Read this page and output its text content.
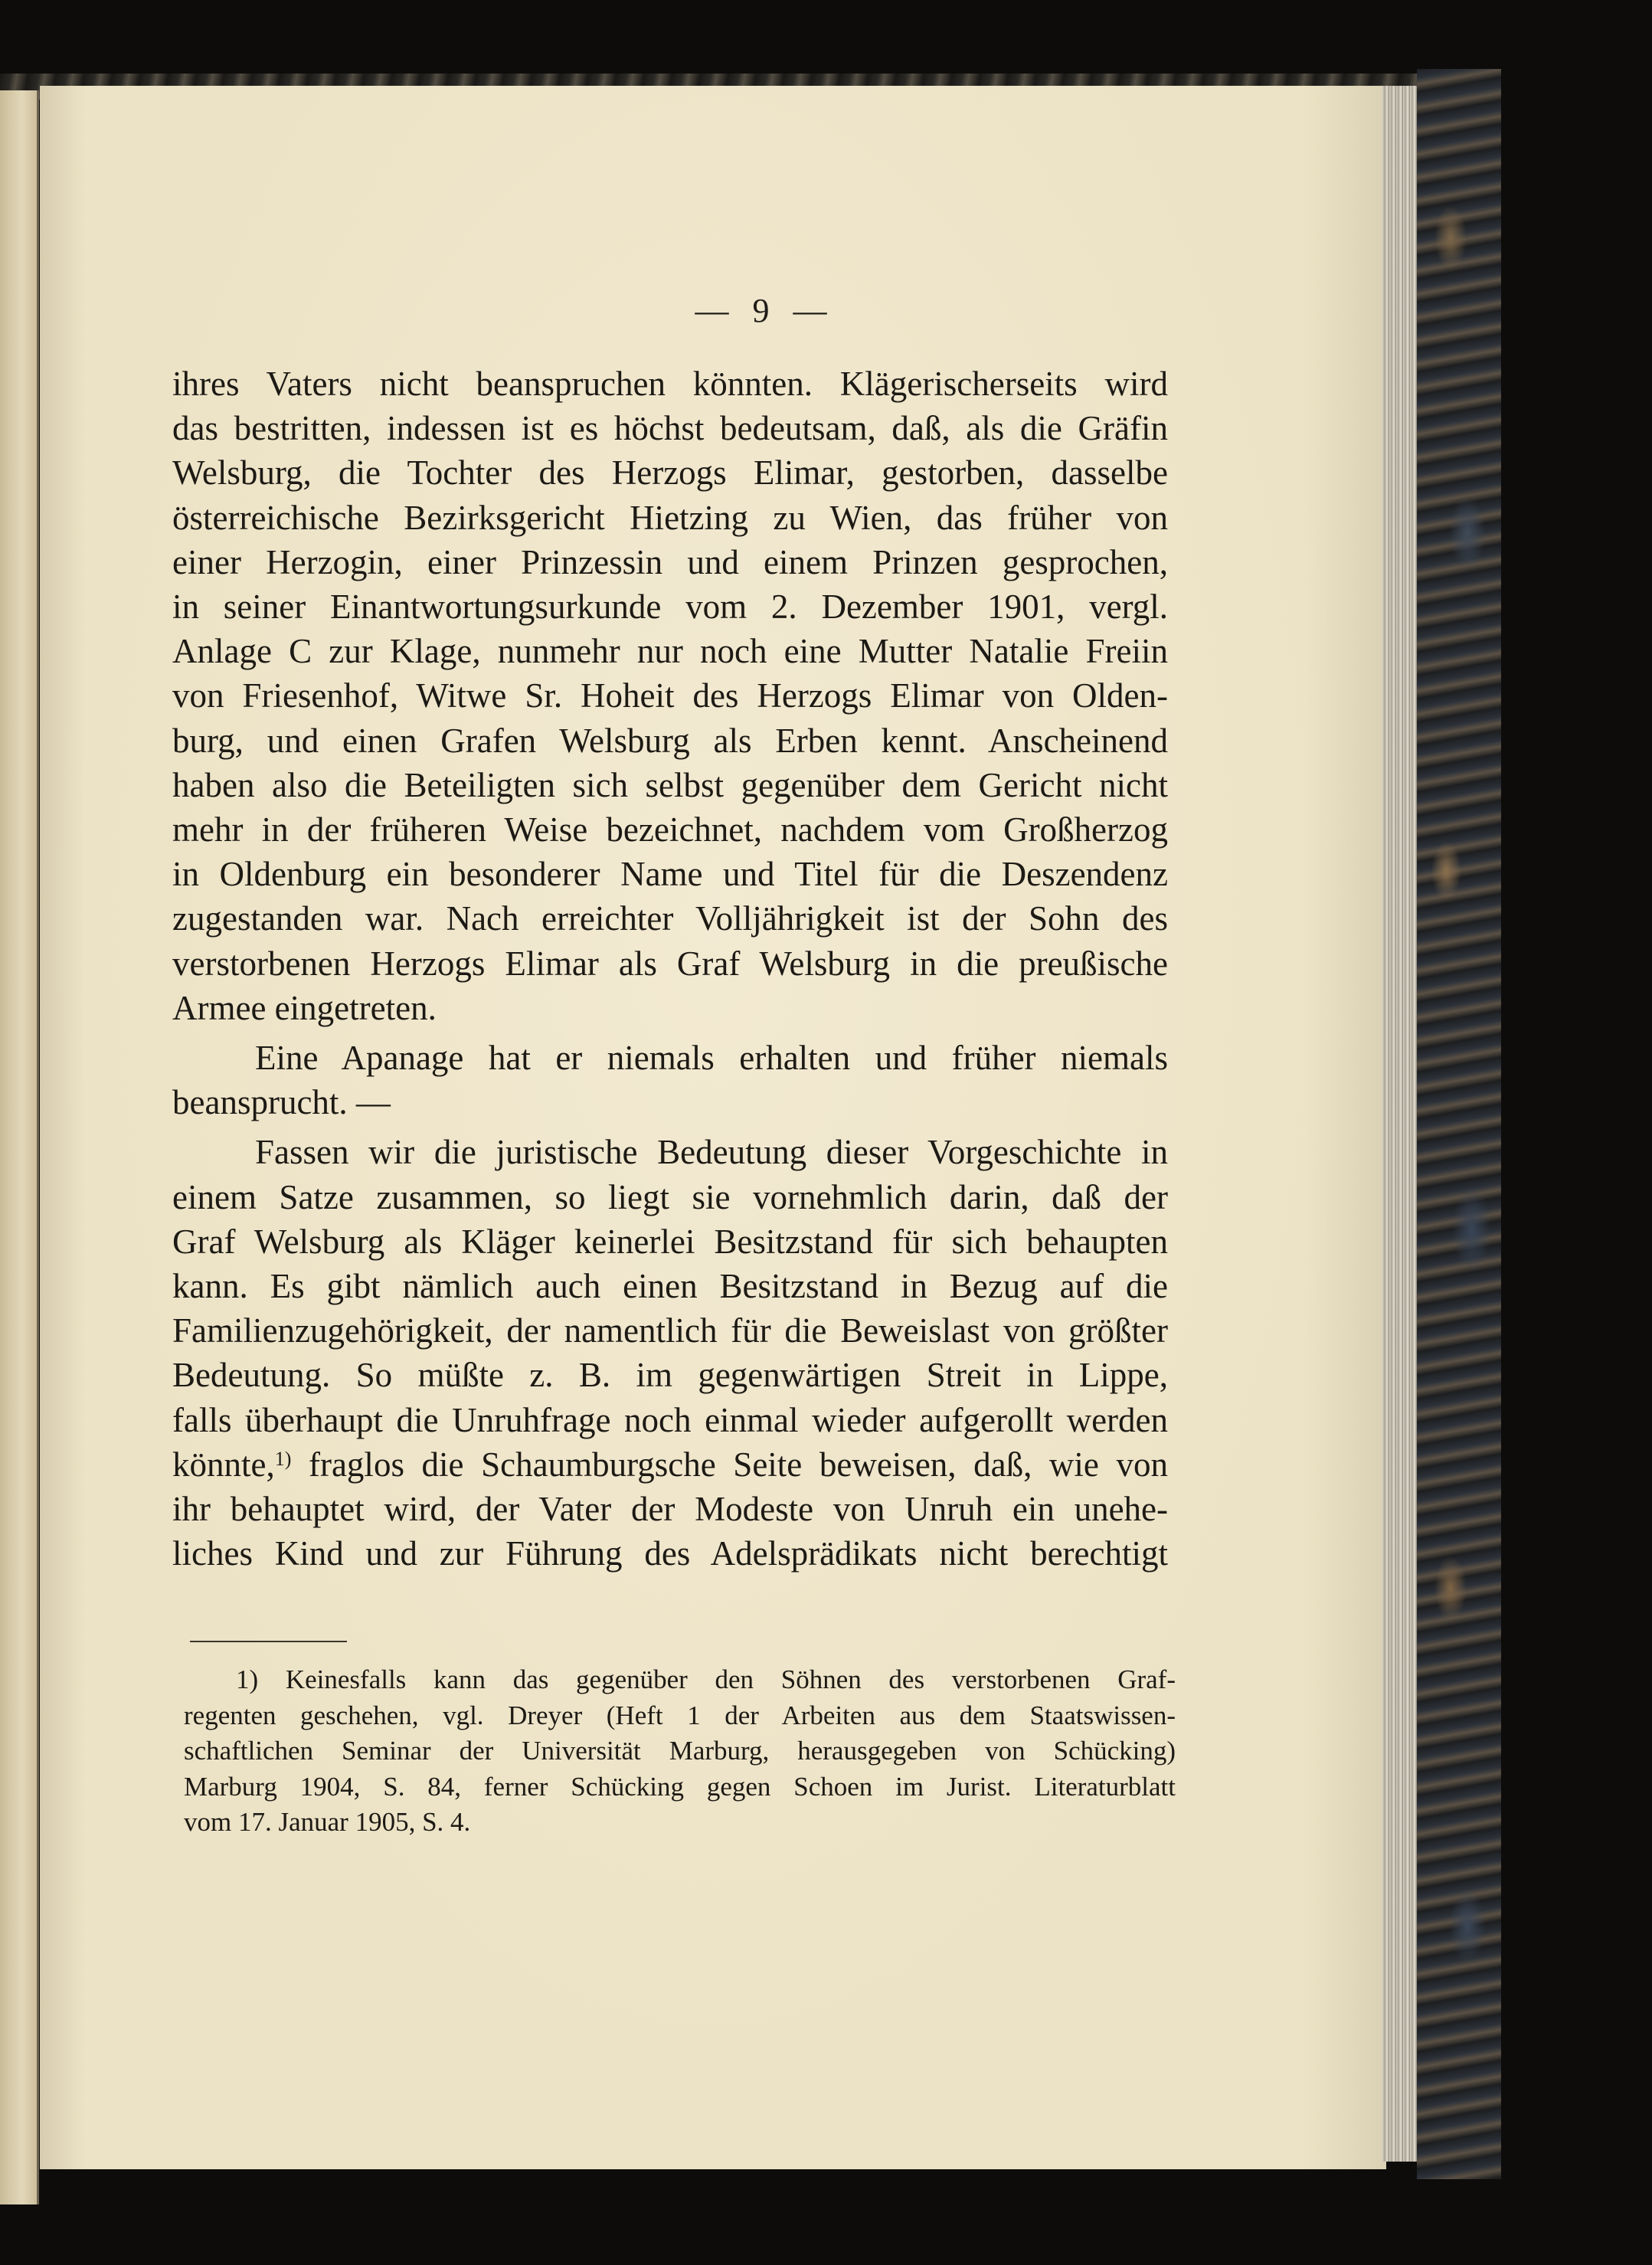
— 9 —
ihres Vaters nicht beanspruchen könnten. Klägerischerseits wird
das bestritten, indessen ist es höchst bedeutsam, daß, als die Gräfin
Welsburg, die Tochter des Herzogs Elimar, gestorben, dasselbe
österreichische Bezirksgericht Hietzing zu Wien, das früher von
einer Herzogin, einer Prinzessin und einem Prinzen gesprochen,
in seiner Einantwortungsurkunde vom 2. Dezember 1901, vergl.
Anlage C zur Klage, nunmehr nur noch eine Mutter Natalie Freiin
von Friesenhof, Witwe Sr. Hoheit des Herzogs Elimar von Olden-
burg, und einen Grafen Welsburg als Erben kennt. Anscheinend
haben also die Beteiligten sich selbst gegenüber dem Gericht nicht
mehr in der früheren Weise bezeichnet, nachdem vom Großherzog
in Oldenburg ein besonderer Name und Titel für die Deszendenz
zugestanden war. Nach erreichter Volljährigkeit ist der Sohn des
verstorbenen Herzogs Elimar als Graf Welsburg in die preußische
Armee eingetreten.
Eine Apanage hat er niemals erhalten und früher niemals
beansprucht. —
Fassen wir die juristische Bedeutung dieser Vorgeschichte in
einem Satze zusammen, so liegt sie vornehmlich darin, daß der
Graf Welsburg als Kläger keinerlei Besitzstand für sich behaupten
kann. Es gibt nämlich auch einen Besitzstand in Bezug auf die
Familienzugehörigkeit, der namentlich für die Beweislast von größter
Bedeutung. So müßte z. B. im gegenwärtigen Streit in Lippe,
falls überhaupt die Unruhfrage noch einmal wieder aufgerollt werden
könnte,$^{1)}$ fraglos die Schaumburgsche Seite beweisen, daß, wie von
ihr behauptet wird, der Vater der Modeste von Unruh ein unehe-
liches Kind und zur Führung des Adelsprädikats nicht berechtigt
1) Keinesfalls kann das gegenüber den Söhnen des verstorbenen Graf-
regenten geschehen, vgl. Dreyer (Heft 1 der Arbeiten aus dem Staatswissen-
schaftlichen Seminar der Universität Marburg, herausgegeben von Schücking)
Marburg 1904, S. 84, ferner Schücking gegen Schoen im Jurist. Literaturblatt
vom 17. Januar 1905, S. 4.
